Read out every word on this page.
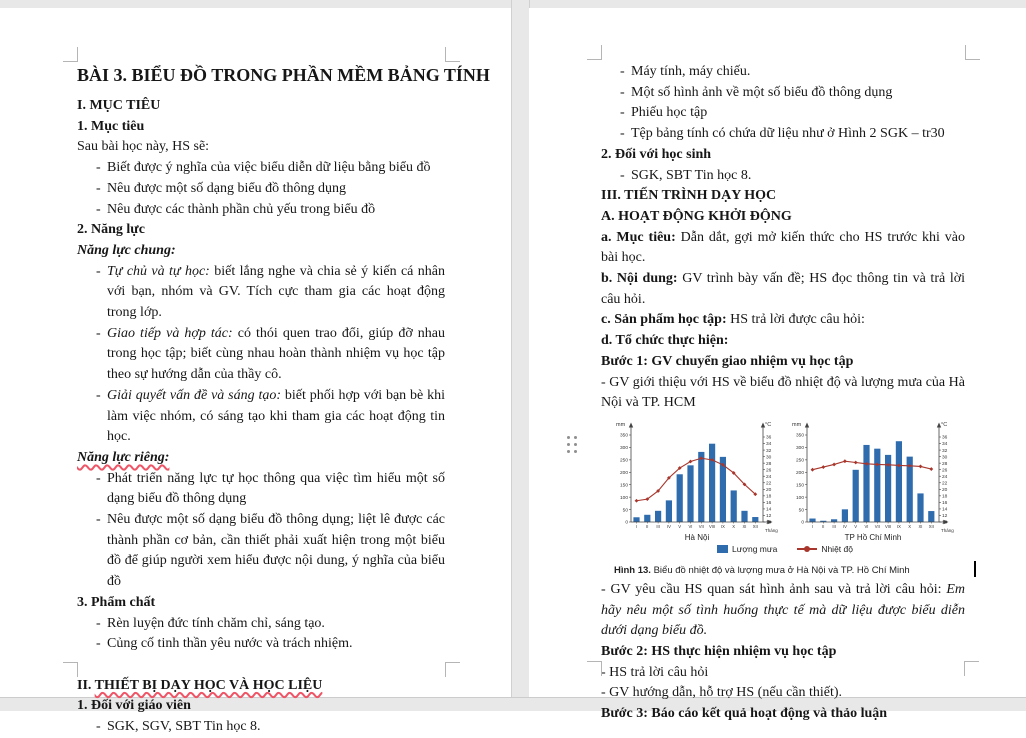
BÀI 3. BIỂU ĐỒ TRONG PHẦN MỀM BẢNG TÍNH
I. MỤC TIÊU
1. Mục tiêu
Sau bài học này, HS sẽ:
- Biết được ý nghĩa của việc biểu diễn dữ liệu bằng biểu đồ
- Nêu được một số dạng biểu đồ thông dụng
- Nêu được các thành phần chủ yếu trong biểu đồ
2. Năng lực
Năng lực chung:
- Tự chủ và tự học: biết lắng nghe và chia sẻ ý kiến cá nhân với bạn, nhóm và GV. Tích cực tham gia các hoạt động trong lớp.
- Giao tiếp và hợp tác: có thói quen trao đổi, giúp đỡ nhau trong học tập; biết cùng nhau hoàn thành nhiệm vụ học tập theo sự hướng dẫn của thầy cô.
- Giải quyết vấn đề và sáng tạo: biết phối hợp với bạn bè khi làm việc nhóm, có sáng tạo khi tham gia các hoạt động tin học.
Năng lực riêng:
- Phát triển năng lực tự học thông qua việc tìm hiểu một số dạng biểu đồ thông dụng
- Nêu được một số dạng biểu đồ thông dụng; liệt lê được các thành phần cơ bản, cần thiết phải xuất hiện trong một biểu đồ để giúp người xem hiểu được nội dung, ý nghĩa của biểu đồ
3. Phẩm chất
- Rèn luyện đức tính chăm chỉ, sáng tạo.
- Củng cố tinh thần yêu nước và trách nhiệm.
II. THIẾT BỊ DẠY HỌC VÀ HỌC LIỆU
1. Đối với giáo viên
- SGK, SGV, SBT Tin học 8.
- Máy tính, máy chiếu.
- Một số hình ảnh về một số biểu đồ thông dụng
- Phiếu học tập
- Tệp bảng tính có chứa dữ liệu như ở Hình 2 SGK – tr30
2. Đối với học sinh
- SGK, SBT Tin học 8.
III. TIẾN TRÌNH DẠY HỌC
A. HOẠT ĐỘNG KHỞI ĐỘNG
a. Mục tiêu: Dẫn dắt, gợi mở kiến thức cho HS trước khi vào bài học.
b. Nội dung: GV trình bày vấn đề; HS đọc thông tin và trả lời câu hỏi.
c. Sản phẩm học tập: HS trả lời được câu hỏi:
d. Tổ chức thực hiện:
Bước 1: GV chuyển giao nhiệm vụ học tập
- GV giới thiệu với HS về biểu đồ nhiệt độ và lượng mưa của Hà Nội và TP. HCM
0
50
100
150
200
250
300
350
10
12
14
16
18
20
22
24
26
28
30
32
34
36
I II III IV V VI VII VIII IX X XI XII
Tháng
mm	°C
Hà Nội
0
50
100
150
200
250
300
350
10
12
14
16
18
20
22
24
26
28
30
32
34
36
I II III IV V VI VII VIII IX X XI XII
Tháng
mm	°C
TP Hồ Chí Minh
Lượng mưa	Nhiệt độ
Hình 13. Biểu đồ nhiệt độ và lượng mưa ở Hà Nội và TP. Hồ Chí Minh
- GV yêu cầu HS quan sát hình ảnh sau và trả lời câu hỏi: Em hãy nêu một số tình huống thực tế mà dữ liệu được biểu diễn dưới dạng biểu đồ.
Bước 2: HS thực hiện nhiệm vụ học tập
- HS trả lời câu hỏi
- GV hướng dẫn, hỗ trợ HS (nếu cần thiết).
Bước 3: Báo cáo kết quả hoạt động và thảo luận
